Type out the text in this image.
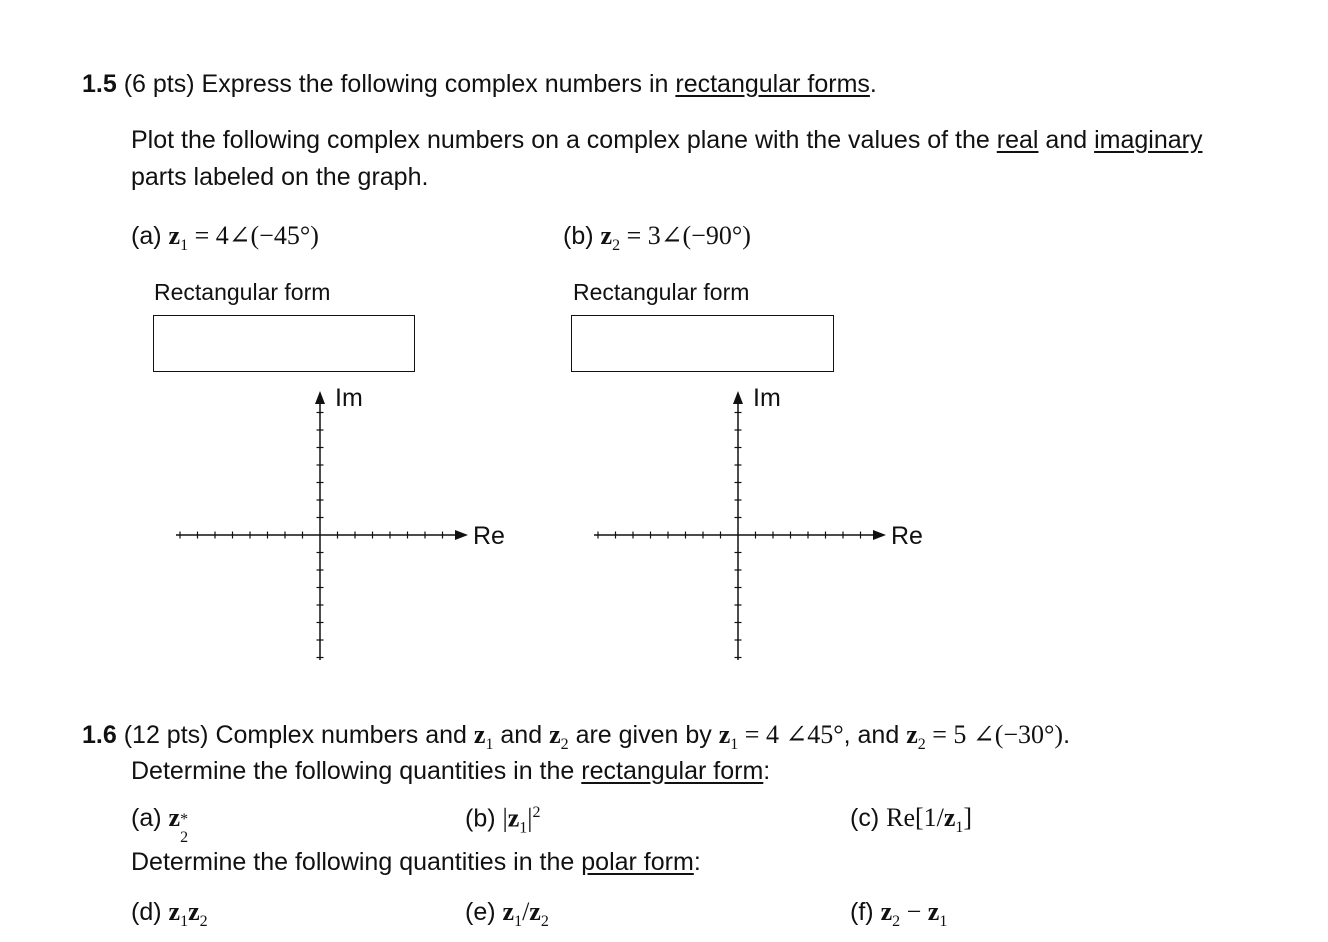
1.5 (6 pts) Express the following complex numbers in rectangular forms.
Plot the following complex numbers on a complex plane with the values of the real and imaginary
parts labeled on the graph.
(a) $z_1$ = 4∠(−45°)
Rectangular form
(b) $z_2$ = 3∠(−90°)
Rectangular form
Im
Re
Im
Re
1.6 (12 pts) Complex numbers and $z_1$ and $z_2$ are given by $z_1 = 4$ ∠45°, and $z_2 = 5$ ∠(−30°).
Determine the following quantities in the rectangular form:
(a) z *
2
(b) $|z_1|^2$	(c) $Re[1/z_1]$
Determine the following quantities in the polar form:
(d) $z_1z_2$	(e) $z_1/z_2$	(f) $z_2 - z_1$
